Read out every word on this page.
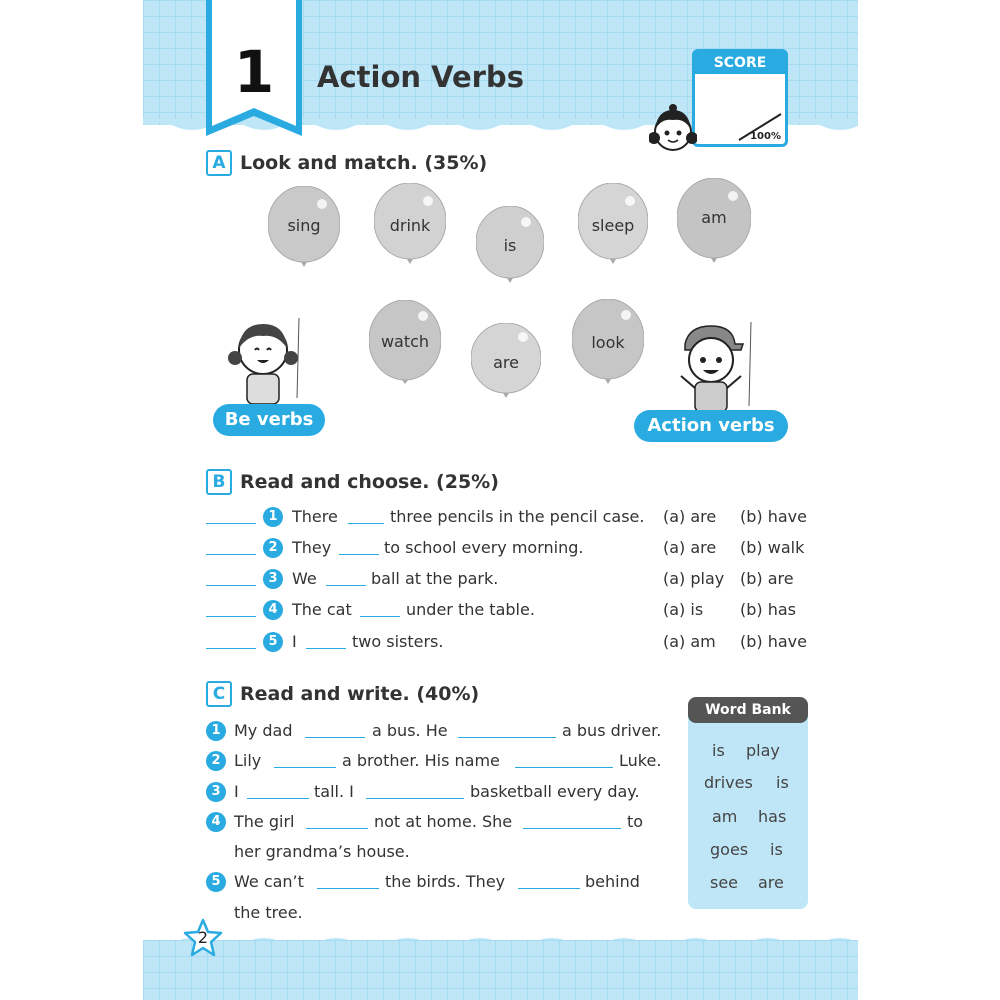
1	Action Verbs	SCORE
100%
A Look and match. (35%)
sing	drink
is
sleep	am
watch
are
look
Be verbs	Action verbs
B Read and choose. (25%)
1 There	three pencils in the pencil case. (a) are (b) have
2 They	to school every morning.	(a) are (b) walk
3 We	ball at the park.	(a) play (b) are
4 The cat	under the table.	(a) is (b) has
5 I	two sisters.	(a) am (b) have
C Read and write. (40%)
1 My dad	a bus. He	a bus driver.
2 Lily	a brother. His name	Luke.
3 I	tall. I	basketball every day.
4 The girl	not at home. She	to
her grandma’s house.
5 We can’t	the birds. They	behind
the tree.
Word Bank
is play
drives is
am has
goes is
see are
2
